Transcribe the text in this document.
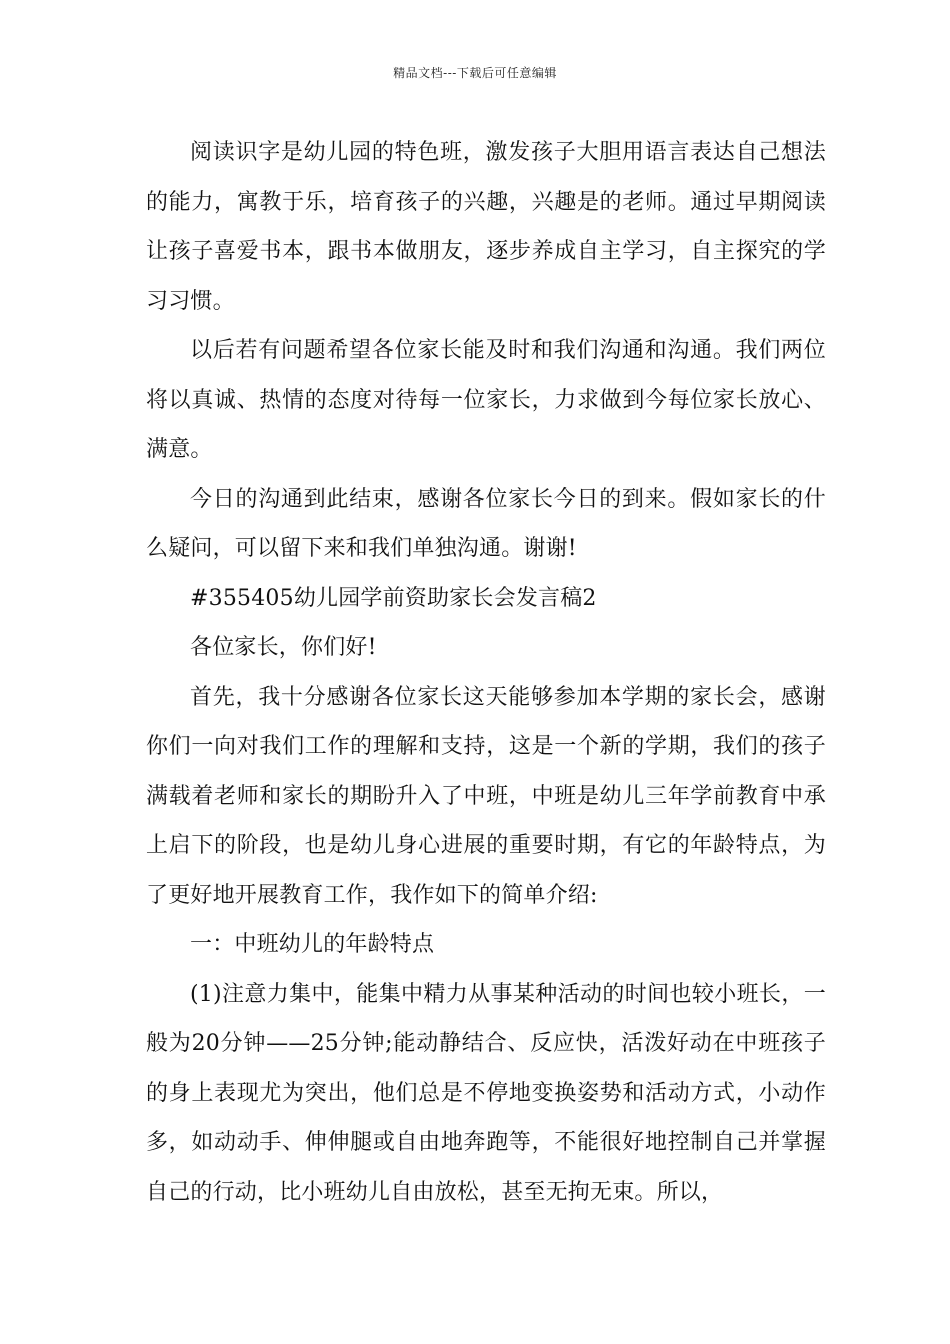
精品文档---下载后可任意编辑

阅读识字是幼儿园的特色班，激发孩子大胆用语言表达自己想法的能力，寓教于乐，培育孩子的兴趣，兴趣是的老师。通过早期阅读让孩子喜爱书本，跟书本做朋友，逐步养成自主学习，自主探究的学习习惯。

以后若有问题希望各位家长能及时和我们沟通和沟通。我们两位将以真诚、热情的态度对待每一位家长，力求做到今每位家长放心、满意。

今日的沟通到此结束，感谢各位家长今日的到来。假如家长的什么疑问，可以留下来和我们单独沟通。谢谢!

#355405幼儿园学前资助家长会发言稿2

各位家长，你们好!

首先，我十分感谢各位家长这天能够参加本学期的家长会，感谢你们一向对我们工作的理解和支持，这是一个新的学期，我们的孩子满载着老师和家长的期盼升入了中班，中班是幼儿三年学前教育中承上启下的阶段，也是幼儿身心进展的重要时期，有它的年龄特点，为了更好地开展教育工作，我作如下的简单介绍:

一：中班幼儿的年龄特点

(1)注意力集中，能集中精力从事某种活动的时间也较小班长，一般为20分钟——25分钟;能动静结合、反应快，活泼好动在中班孩子的身上表现尤为突出，他们总是不停地变换姿势和活动方式，小动作多，如动动手、伸伸腿或自由地奔跑等，不能很好地控制自己并掌握自己的行动，比小班幼儿自由放松，甚至无拘无束。所以，
